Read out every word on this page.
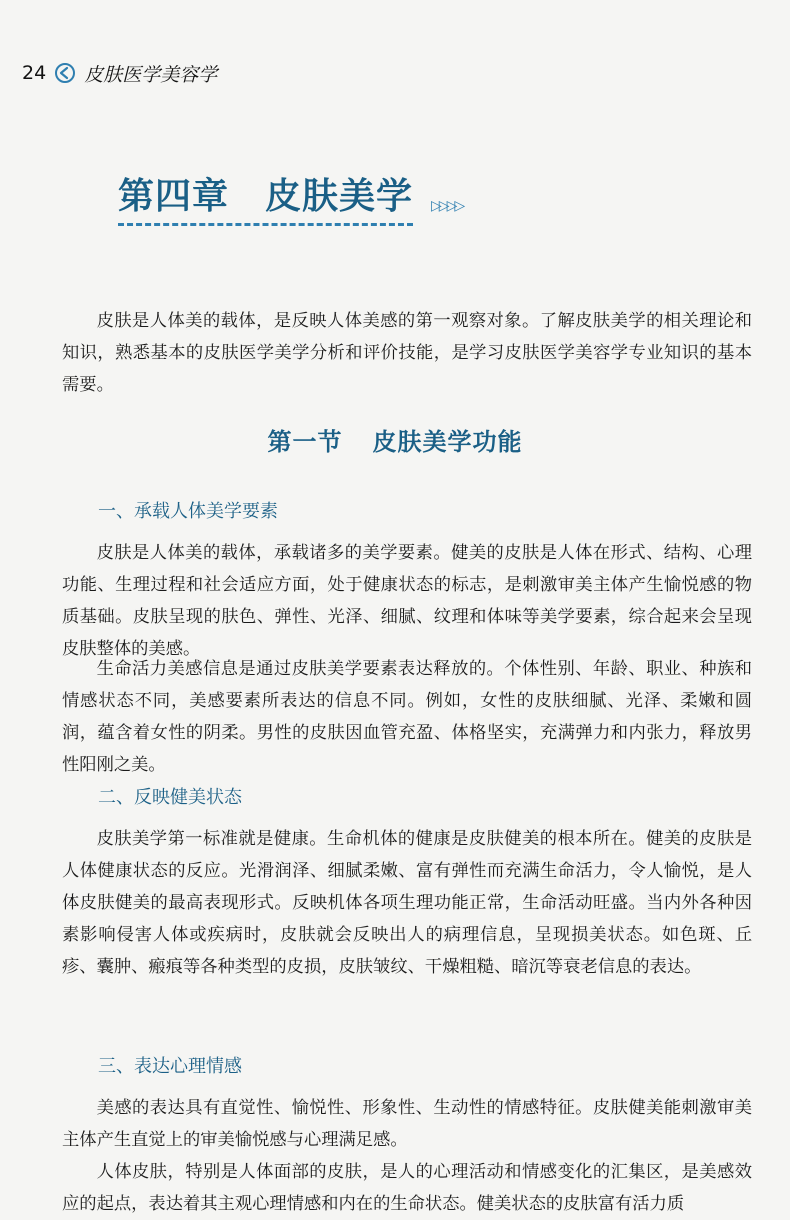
24 皮肤医学美容学
第四章 皮肤美学 ▷▷▷▷

皮肤是人体美的载体，是反映人体美感的第一观察对象。了解皮肤美学的相关理论和知识，熟悉基本的皮肤医学美学分析和评价技能，是学习皮肤医学美容学专业知识的基本需要。

第一节 皮肤美学功能
一、承载人体美学要素

皮肤是人体美的载体，承载诸多的美学要素。健美的皮肤是人体在形式、结构、心理功能、生理过程和社会适应方面，处于健康状态的标志，是刺激审美主体产生愉悦感的物质基础。皮肤呈现的肤色、弹性、光泽、细腻、纹理和体味等美学要素，综合起来会呈现皮肤整体的美感。

生命活力美感信息是通过皮肤美学要素表达释放的。个体性别、年龄、职业、种族和情感状态不同，美感要素所表达的信息不同。例如，女性的皮肤细腻、光泽、柔嫩和圆润，蕴含着女性的阴柔。男性的皮肤因血管充盈、体格坚实，充满弹力和内张力，释放男性阳刚之美。

二、反映健美状态

皮肤美学第一标准就是健康。生命机体的健康是皮肤健美的根本所在。健美的皮肤是人体健康状态的反应。光滑润泽、细腻柔嫩、富有弹性而充满生命活力，令人愉悦，是人体皮肤健美的最高表现形式。反映机体各项生理功能正常，生命活动旺盛。当内外各种因素影响侵害人体或疾病时，皮肤就会反映出人的病理信息，呈现损美状态。如色斑、丘疹、囊肿、瘢痕等各种类型的皮损，皮肤皱纹、干燥粗糙、暗沉等衰老信息的表达。

三、表达心理情感

美感的表达具有直觉性、愉悦性、形象性、生动性的情感特征。皮肤健美能刺激审美主体产生直觉上的审美愉悦感与心理满足感。

人体皮肤，特别是人体面部的皮肤，是人的心理活动和情感变化的汇集区，是美感效应的起点，表达着其主观心理情感和内在的生命状态。健美状态的皮肤富有活力质
